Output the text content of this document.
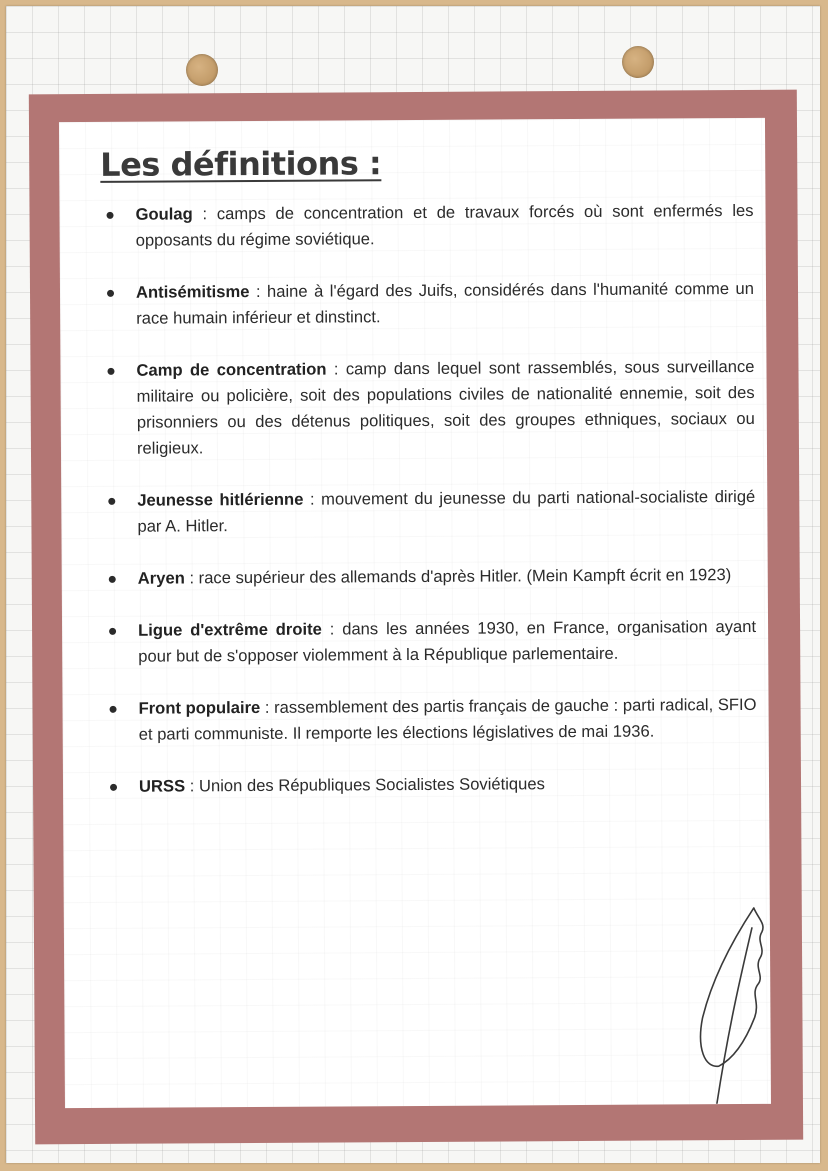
Les définitions :
Goulag : camps de concentration et de travaux forcés où sont enfermés les opposants du régime soviétique.
Antisémitisme : haine à l'égard des Juifs, considérés dans l'humanité comme un race humain inférieur et dinstinct.
Camp de concentration : camp dans lequel sont rassemblés, sous surveillance militaire ou policière, soit des populations civiles de nationalité ennemie, soit des prisonniers ou des détenus politiques, soit des groupes ethniques, sociaux ou religieux.
Jeunesse hitlérienne : mouvement du jeunesse du parti national-socialiste dirigé par A. Hitler.
Aryen : race supérieur des allemands d'après Hitler. (Mein Kampft écrit en 1923)
Ligue d'extrême droite : dans les années 1930, en France, organisation ayant pour but de s'opposer violemment à la République parlementaire.
Front populaire : rassemblement des partis français de gauche : parti radical, SFIO et parti communiste. Il remporte les élections législatives de mai 1936.
URSS : Union des Républiques Socialistes Soviétiques
